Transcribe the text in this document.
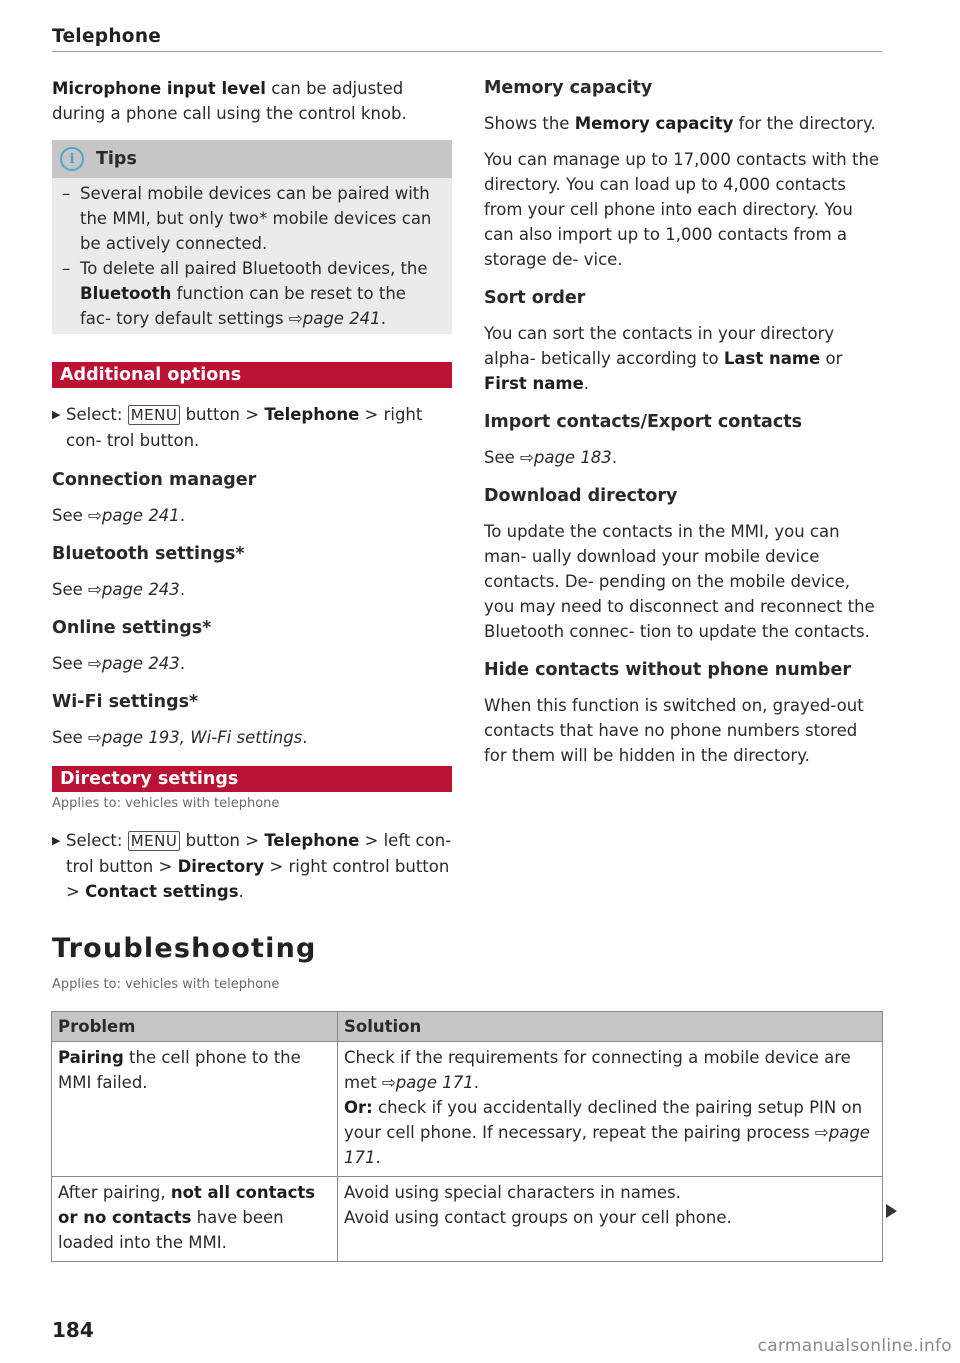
Telephone

Microphone input level can be adjusted during a phone call using the control knob.

i	Tips
– Several mobile devices can be paired with the MMI, but only two* mobile devices can be actively connected.
– To delete all paired Bluetooth devices, the Bluetooth function can be reset to the fac- tory default settings ⇨page 241.
Additional options

▶ Select: MENU button > Telephone > right con- trol button.

Connection manager

See ⇨page 241.

Bluetooth settings*

See ⇨page 243.

Online settings*

See ⇨page 243.

Wi-Fi settings*

See ⇨page 193, Wi-Fi settings.

Directory settings
Applies to: vehicles with telephone

▶ Select: MENU button > Telephone > left con- trol button > Directory > right control button > Contact settings.

Memory capacity

Shows the Memory capacity for the directory.

You can manage up to 17,000 contacts with the directory. You can load up to 4,000 contacts from your cell phone into each directory. You can also import up to 1,000 contacts from a storage de- vice.

Sort order

You can sort the contacts in your directory alpha- betically according to Last name or First name.

Import contacts/Export contacts

See ⇨page 183.

Download directory

To update the contacts in the MMI, you can man- ually download your mobile device contacts. De- pending on the mobile device, you may need to disconnect and reconnect the Bluetooth connec- tion to update the contacts.

Hide contacts without phone number

When this function is switched on, grayed-out contacts that have no phone numbers stored for them will be hidden in the directory.

Troubleshooting
Applies to: vehicles with telephone
Problem	Solution
Pairing the cell phone to the MMI failed.	Check if the requirements for connecting a mobile device are met ⇨page 171.
Or: check if you accidentally declined the pairing setup PIN on your cell phone. If necessary, repeat the pairing process ⇨page 171.

After pairing, not all contacts or no contacts have been loaded into the MMI.	Avoid using special characters in names.
Avoid using contact groups on your cell phone.
184
carmanualsonline.info
